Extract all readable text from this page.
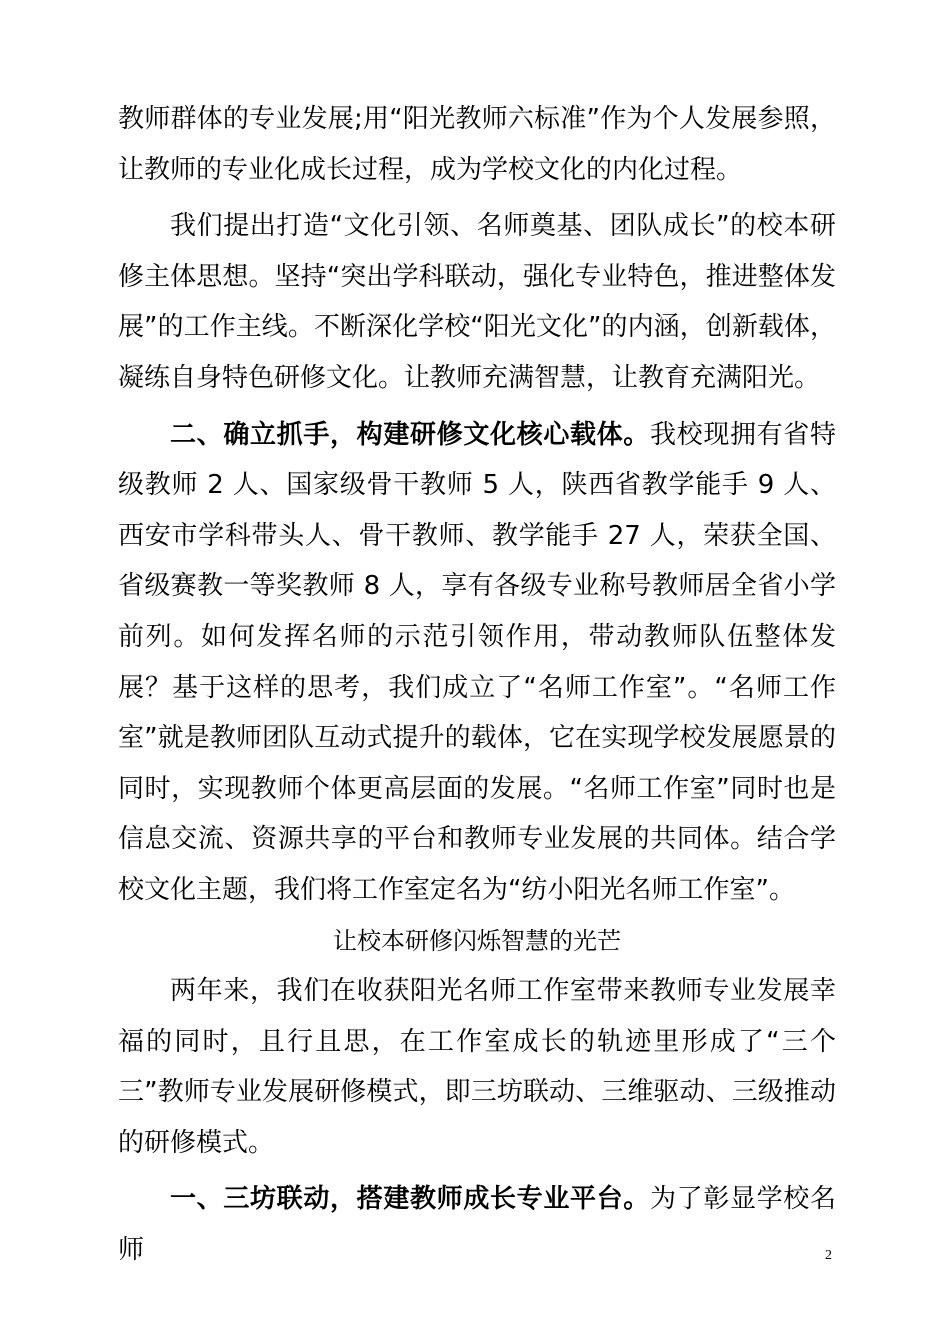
教师群体的专业发展;用“阳光教师六标准”作为个人发展参照，让教师的专业化成长过程，成为学校文化的内化过程。

我们提出打造“文化引领、名师奠基、团队成长”的校本研修主体思想。坚持“突出学科联动，强化专业特色，推进整体发展”的工作主线。不断深化学校“阳光文化”的内涵，创新载体，凝练自身特色研修文化。让教师充满智慧，让教育充满阳光。

二、确立抓手，构建研修文化核心载体。我校现拥有省特级教师 2 人、国家级骨干教师 5 人，陕西省教学能手 9 人、西安市学科带头人、骨干教师、教学能手 27 人，荣获全国、省级赛教一等奖教师 8 人，享有各级专业称号教师居全省小学前列。如何发挥名师的示范引领作用，带动教师队伍整体发展？基于这样的思考，我们成立了“名师工作室”。“名师工作室”就是教师团队互动式提升的载体，它在实现学校发展愿景的同时，实现教师个体更高层面的发展。“名师工作室”同时也是信息交流、资源共享的平台和教师专业发展的共同体。结合学校文化主题，我们将工作室定名为“纺小阳光名师工作室”。

让校本研修闪烁智慧的光芒

两年来，我们在收获阳光名师工作室带来教师专业发展幸福的同时，且行且思，在工作室成长的轨迹里形成了“三个三”教师专业发展研修模式，即三坊联动、三维驱动、三级推动的研修模式。

一、三坊联动，搭建教师成长专业平台。为了彰显学校名师	2
